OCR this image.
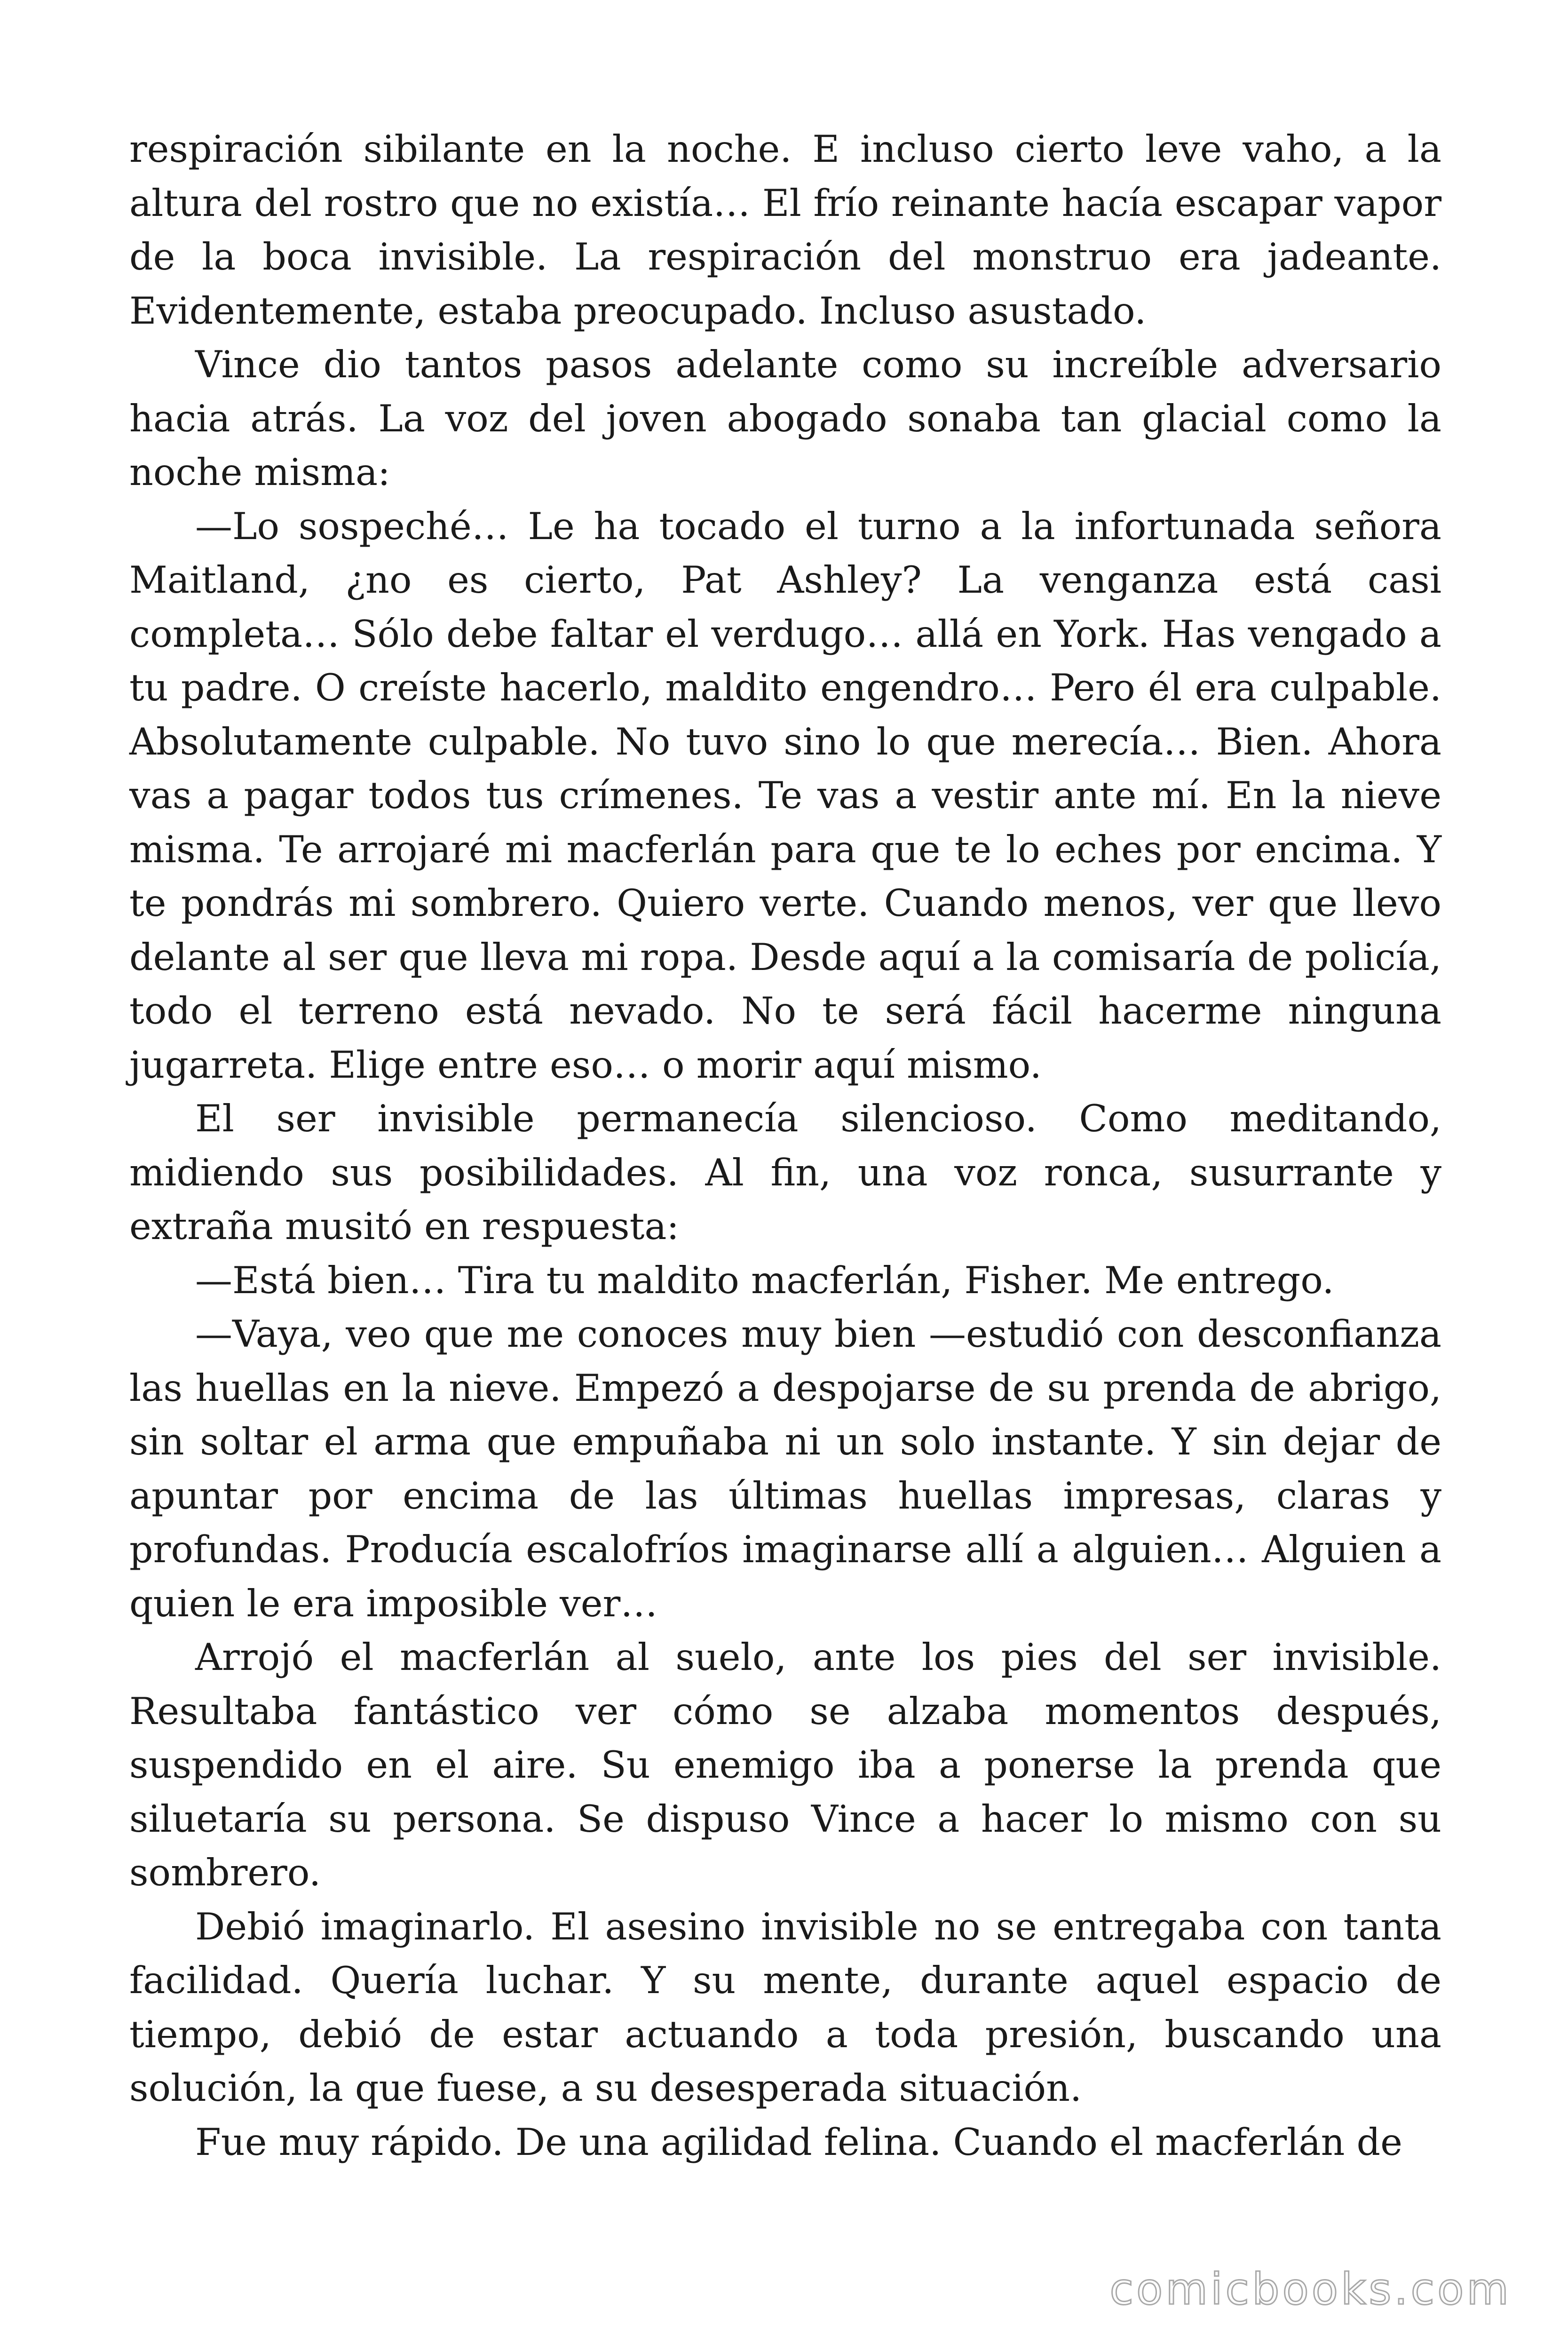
respiración sibilante en la noche. E incluso cierto leve vaho, a la altura del rostro que no existía… El frío reinante hacía escapar vapor de la boca invisible. La respiración del monstruo era jadeante. Evidentemente, estaba preocupado. Incluso asustado.

Vince dio tantos pasos adelante como su increíble adversario hacia atrás. La voz del joven abogado sonaba tan glacial como la noche misma:

—Lo sospeché… Le ha tocado el turno a la infortunada señora Maitland, ¿no es cierto, Pat Ashley? La venganza está casi completa… Sólo debe faltar el verdugo… allá en York. Has vengado a tu padre. O creíste hacerlo, maldito engendro… Pero él era culpable. Absolutamente culpable. No tuvo sino lo que merecía… Bien. Ahora vas a pagar todos tus crímenes. Te vas a vestir ante mí. En la nieve misma. Te arrojaré mi macferlán para que te lo eches por encima. Y te pondrás mi sombrero. Quiero verte. Cuando menos, ver que llevo delante al ser que lleva mi ropa. Desde aquí a la comisaría de policía, todo el terreno está nevado. No te será fácil hacerme ninguna jugarreta. Elige entre eso… o morir aquí mismo.

El ser invisible permanecía silencioso. Como meditando, midiendo sus posibilidades. Al fin, una voz ronca, susurrante y extraña musitó en respuesta:

—Está bien… Tira tu maldito macferlán, Fisher. Me entrego.

—Vaya, veo que me conoces muy bien —estudió con desconfianza las huellas en la nieve. Empezó a despojarse de su prenda de abrigo, sin soltar el arma que empuñaba ni un solo instante. Y sin dejar de apuntar por encima de las últimas huellas impresas, claras y profundas. Producía escalofríos imaginarse allí a alguien… Alguien a quien le era imposible ver…

Arrojó el macferlán al suelo, ante los pies del ser invisible. Resultaba fantástico ver cómo se alzaba momentos después, suspendido en el aire. Su enemigo iba a ponerse la prenda que siluetaría su persona. Se dispuso Vince a hacer lo mismo con su sombrero.

Debió imaginarlo. El asesino invisible no se entregaba con tanta facilidad. Quería luchar. Y su mente, durante aquel espacio de tiempo, debió de estar actuando a toda presión, buscando una solución, la que fuese, a su desesperada situación.

Fue muy rápido. De una agilidad felina. Cuando el macferlán de

comicbooks.com
